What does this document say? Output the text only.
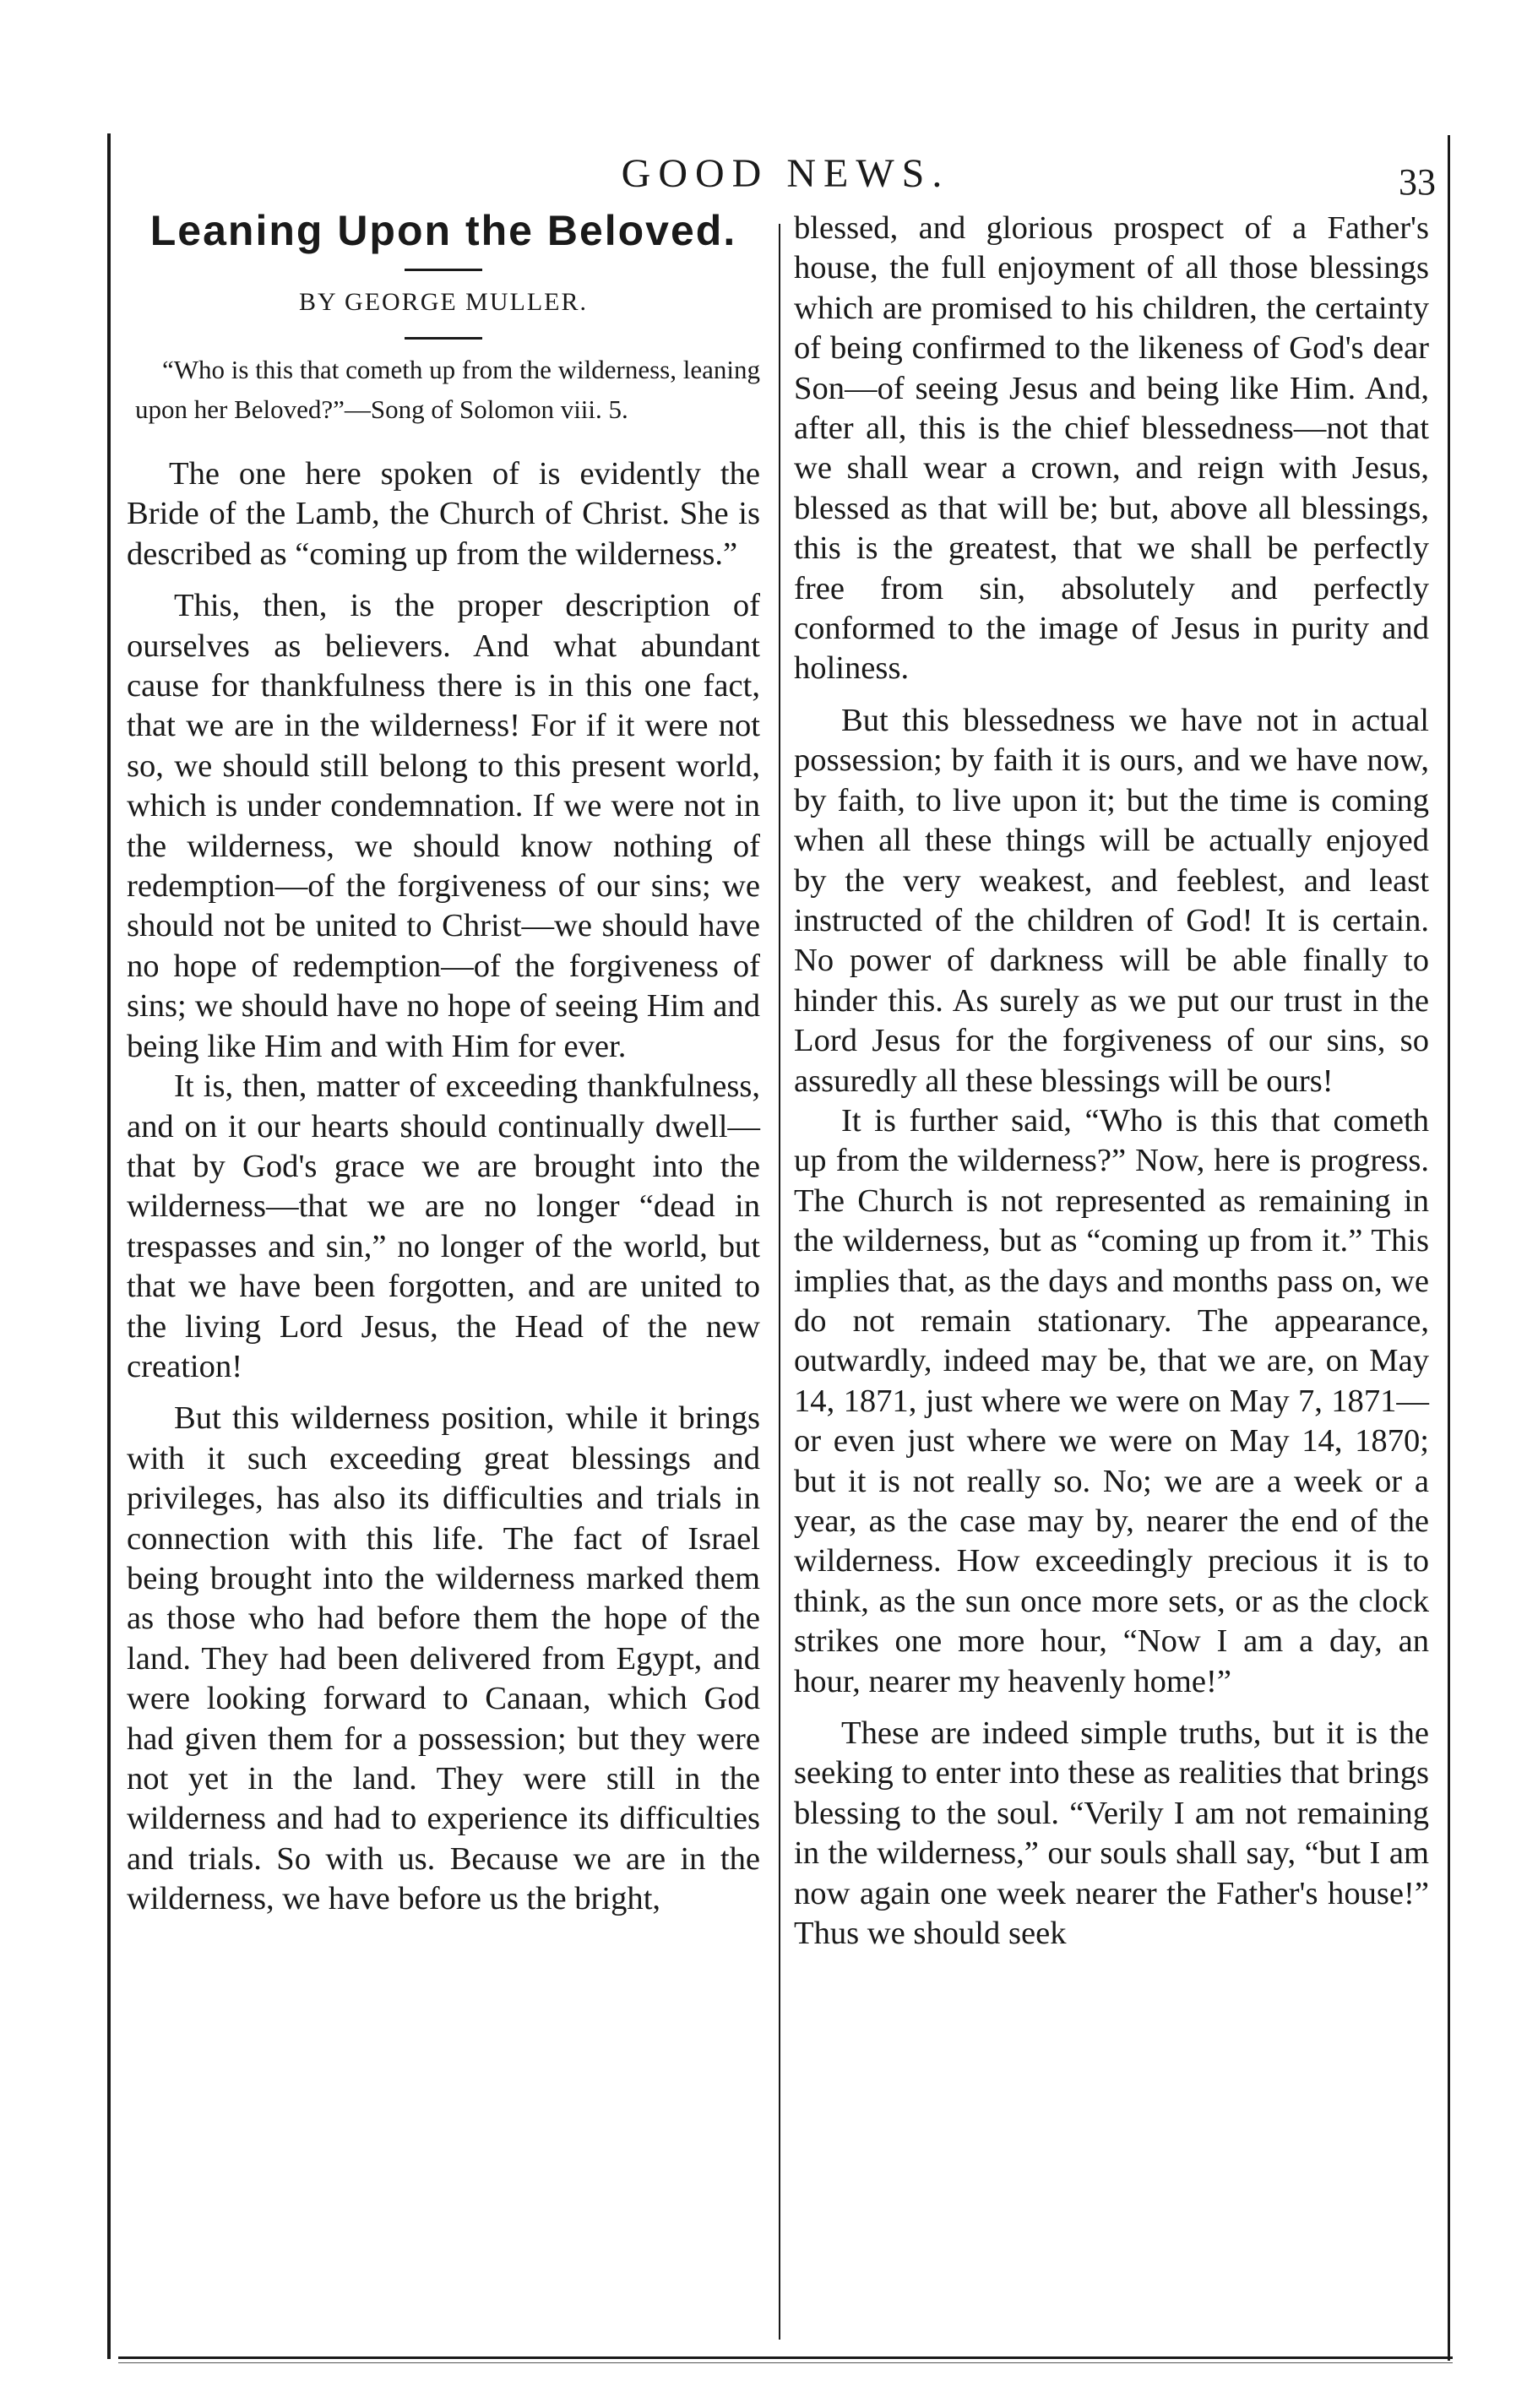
GOOD NEWS.	33
Leaning Upon the Beloved.
BY GEORGE MULLER.

“Who is this that cometh up from the wilderness, leaning upon her Beloved?”—Song of Solomon viii. 5.

The one here spoken of is evidently the Bride of the Lamb, the Church of Christ. She is described as “coming up from the wilderness.”

This, then, is the proper description of ourselves as believers. And what abundant cause for thankfulness there is in this one fact, that we are in the wilderness! For if it were not so, we should still belong to this present world, which is under condemnation. If we were not in the wilderness, we should know nothing of redemption—of the forgiveness of our sins; we should not be united to Christ—we should have no hope of redemption—of the forgiveness of sins; we should have no hope of seeing Him and being like Him and with Him for ever.

It is, then, matter of exceeding thankfulness, and on it our hearts should continually dwell—that by God's grace we are brought into the wilderness—that we are no longer “dead in trespasses and sin,” no longer of the world, but that we have been forgotten, and are united to the living Lord Jesus, the Head of the new creation!

But this wilderness position, while it brings with it such exceeding great blessings and privileges, has also its difficulties and trials in connection with this life. The fact of Israel being brought into the wilderness marked them as those who had before them the hope of the land. They had been delivered from Egypt, and were looking forward to Canaan, which God had given them for a possession; but they were not yet in the land. They were still in the wilderness and had to experience its difficulties and trials. So with us. Because we are in the wilderness, we have before us the bright,

blessed, and glorious prospect of a Father's house, the full enjoyment of all those blessings which are promised to his children, the certainty of being confirmed to the likeness of God's dear Son—of seeing Jesus and being like Him. And, after all, this is the chief blessedness—not that we shall wear a crown, and reign with Jesus, blessed as that will be; but, above all blessings, this is the greatest, that we shall be perfectly free from sin, absolutely and perfectly conformed to the image of Jesus in purity and holiness.

But this blessedness we have not in actual possession; by faith it is ours, and we have now, by faith, to live upon it; but the time is coming when all these things will be actually enjoyed by the very weakest, and feeblest, and least instructed of the children of God! It is certain. No power of darkness will be able finally to hinder this. As surely as we put our trust in the Lord Jesus for the forgiveness of our sins, so assuredly all these blessings will be ours!

It is further said, “Who is this that cometh up from the wilderness?” Now, here is progress. The Church is not represented as remaining in the wilderness, but as “coming up from it.” This implies that, as the days and months pass on, we do not remain stationary. The appearance, outwardly, indeed may be, that we are, on May 14, 1871, just where we were on May 7, 1871—or even just where we were on May 14, 1870; but it is not really so. No; we are a week or a year, as the case may by, nearer the end of the wilderness. How exceedingly precious it is to think, as the sun once more sets, or as the clock strikes one more hour, “Now I am a day, an hour, nearer my heavenly home!”

These are indeed simple truths, but it is the seeking to enter into these as realities that brings blessing to the soul. “Verily I am not remaining in the wilderness,” our souls shall say, “but I am now again one week nearer the Father's house!” Thus we should seek
